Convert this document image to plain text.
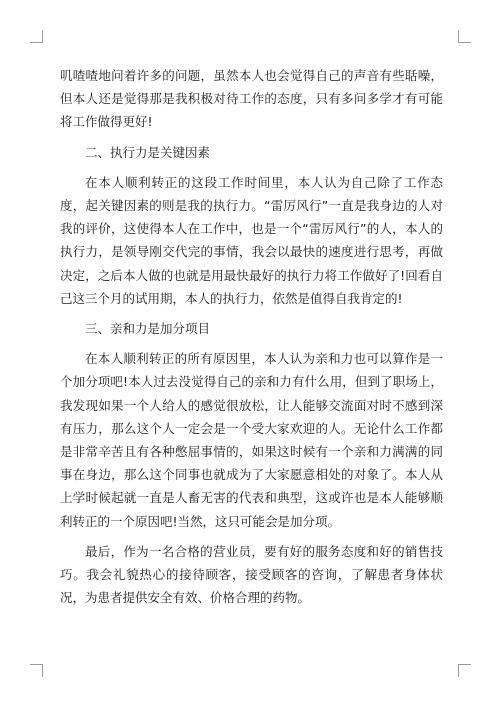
叽喳喳地问着许多的问题，虽然本人也会觉得自己的声音有些聒噪，但本人还是觉得那是我积极对待工作的态度，只有多问多学才有可能将工作做得更好!

二、执行力是关键因素

在本人顺利转正的这段工作时间里，本人认为自己除了工作态度，起关键因素的则是我的执行力。“雷厉风行”一直是我身边的人对我的评价，这使得本人在工作中，也是一个“雷厉风行”的人，本人的执行力，是领导刚交代完的事情，我会以最快的速度进行思考，再做决定，之后本人做的也就是用最快最好的执行力将工作做好了!回看自己这三个月的试用期，本人的执行力，依然是值得自我肯定的!

三、亲和力是加分项目

在本人顺利转正的所有原因里，本人认为亲和力也可以算作是一个加分项吧!本人过去没觉得自己的亲和力有什么用，但到了职场上，我发现如果一个人给人的感觉很放松，让人能够交流面对时不感到深有压力，那么这个人一定会是一个受大家欢迎的人。无论什么工作都是非常辛苦且有各种憋屈事情的，如果这时候有一个亲和力满满的同事在身边，那么这个同事也就成为了大家愿意相处的对象了。本人从上学时候起就一直是人畜无害的代表和典型，这或许也是本人能够顺利转正的一个原因吧!当然，这只可能会是加分项。

最后，作为一名合格的营业员，要有好的服务态度和好的销售技巧。我会礼貌热心的接待顾客，接受顾客的咨询，了解患者身体状况，为患者提供安全有效、价格合理的药物。
